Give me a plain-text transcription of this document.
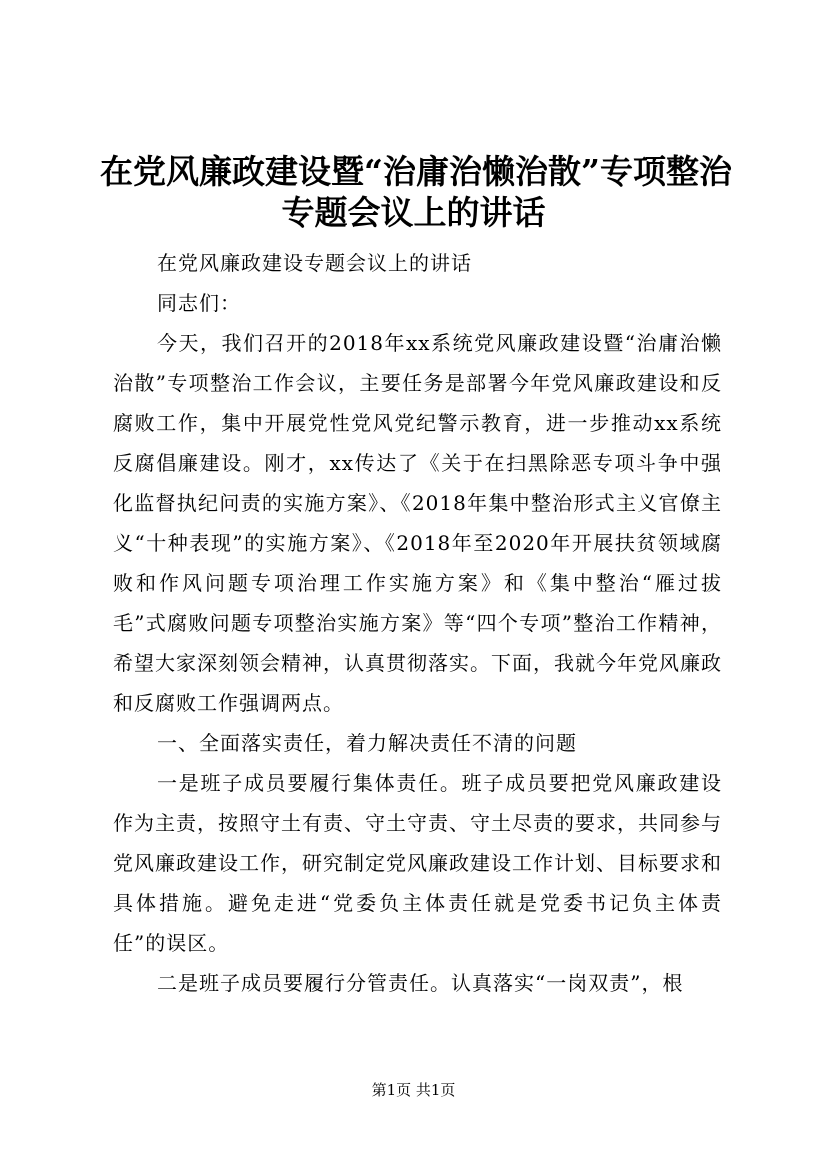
在党风廉政建设暨“治庸治懒治散”专项整治
专题会议上的讲话

在党风廉政建设专题会议上的讲话

同志们：

今天，我们召开的2018年xx系统党风廉政建设暨“治庸治懒治散”专项整治工作会议，主要任务是部署今年党风廉政建设和反腐败工作，集中开展党性党风党纪警示教育，进一步推动xx系统反腐倡廉建设。刚才，xx传达了《关于在扫黑除恶专项斗争中强化监督执纪问责的实施方案》、《2018年集中整治形式主义官僚主义“十种表现”的实施方案》、《2018年至2020年开展扶贫领域腐败和作风问题专项治理工作实施方案》和《集中整治“雁过拔毛”式腐败问题专项整治实施方案》等“四个专项”整治工作精神，希望大家深刻领会精神，认真贯彻落实。下面，我就今年党风廉政和反腐败工作强调两点。

一、全面落实责任，着力解决责任不清的问题

一是班子成员要履行集体责任。班子成员要把党风廉政建设作为主责，按照守土有责、守土守责、守土尽责的要求，共同参与党风廉政建设工作，研究制定党风廉政建设工作计划、目标要求和具体措施。避免走进“党委负主体责任就是党委书记负主体责任”的误区。

二是班子成员要履行分管责任。认真落实“一岗双责”，根

第1页 共1页
